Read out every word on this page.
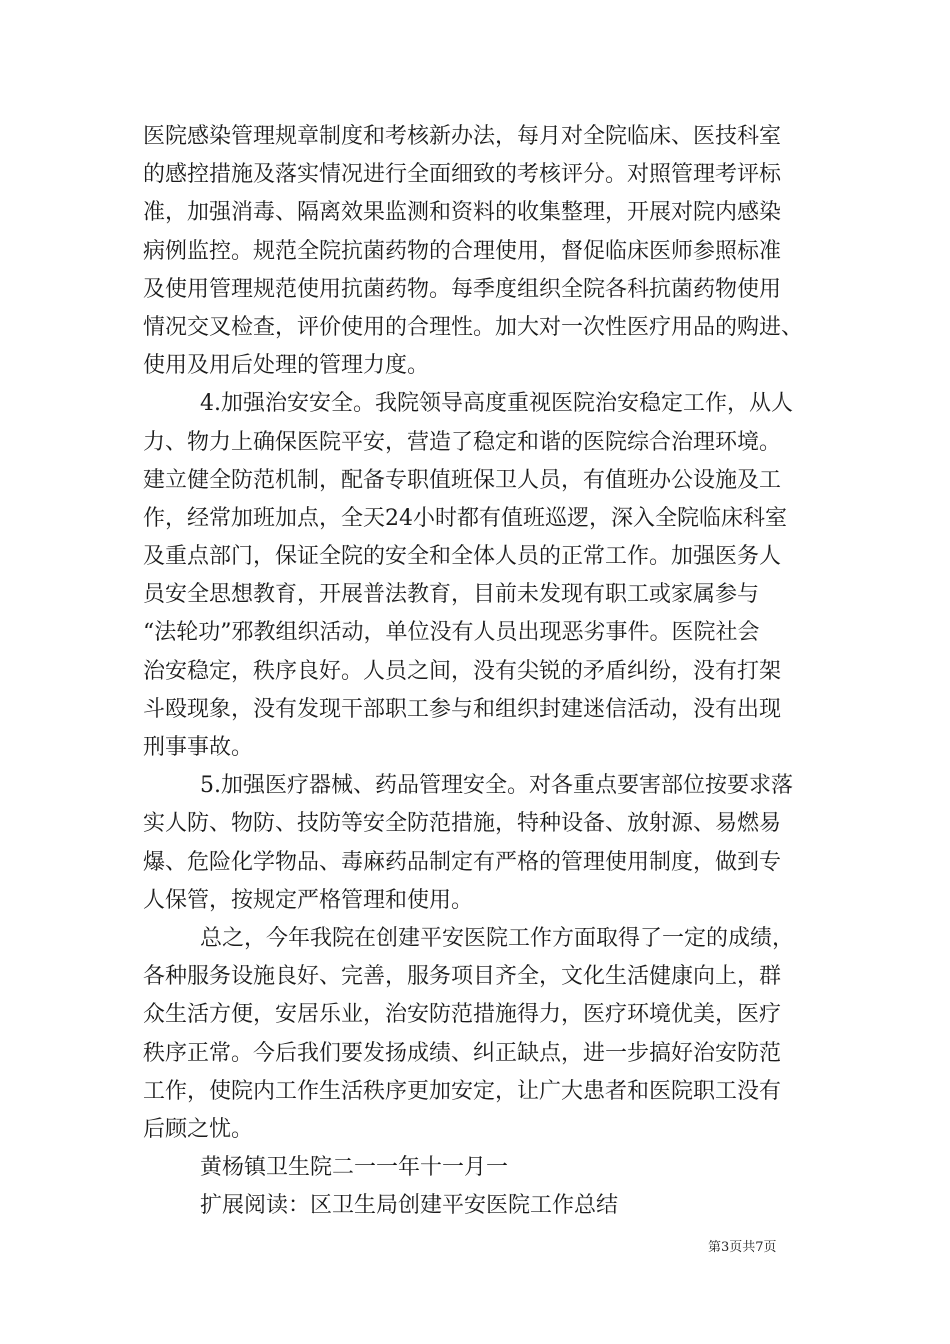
医院感染管理规章制度和考核新办法，每月对全院临床、医技科室
的感控措施及落实情况进行全面细致的考核评分。对照管理考评标
准，加强消毒、隔离效果监测和资料的收集整理，开展对院内感染
病例监控。规范全院抗菌药物的合理使用，督促临床医师参照标准
及使用管理规范使用抗菌药物。每季度组织全院各科抗菌药物使用
情况交叉检查，评价使用的合理性。加大对一次性医疗用品的购进、
使用及用后处理的管理力度。
4.加强治安安全。我院领导高度重视医院治安稳定工作，从人
力、物力上确保医院平安，营造了稳定和谐的医院综合治理环境。
建立健全防范机制，配备专职值班保卫人员，有值班办公设施及工
作，经常加班加点，全天24小时都有值班巡逻，深入全院临床科室
及重点部门，保证全院的安全和全体人员的正常工作。加强医务人
员安全思想教育，开展普法教育，目前未发现有职工或家属参与
“法轮功”邪教组织活动，单位没有人员出现恶劣事件。医院社会
治安稳定，秩序良好。人员之间，没有尖锐的矛盾纠纷，没有打架
斗殴现象，没有发现干部职工参与和组织封建迷信活动，没有出现
刑事事故。
5.加强医疗器械、药品管理安全。对各重点要害部位按要求落
实人防、物防、技防等安全防范措施，特种设备、放射源、易燃易
爆、危险化学物品、毒麻药品制定有严格的管理使用制度，做到专
人保管，按规定严格管理和使用。
总之，今年我院在创建平安医院工作方面取得了一定的成绩，
各种服务设施良好、完善，服务项目齐全，文化生活健康向上，群
众生活方便，安居乐业，治安防范措施得力，医疗环境优美，医疗
秩序正常。今后我们要发扬成绩、纠正缺点，进一步搞好治安防范
工作，使院内工作生活秩序更加安定，让广大患者和医院职工没有
后顾之忧。
黄杨镇卫生院二一一年十一月一
扩展阅读：区卫生局创建平安医院工作总结
第3页共7页
